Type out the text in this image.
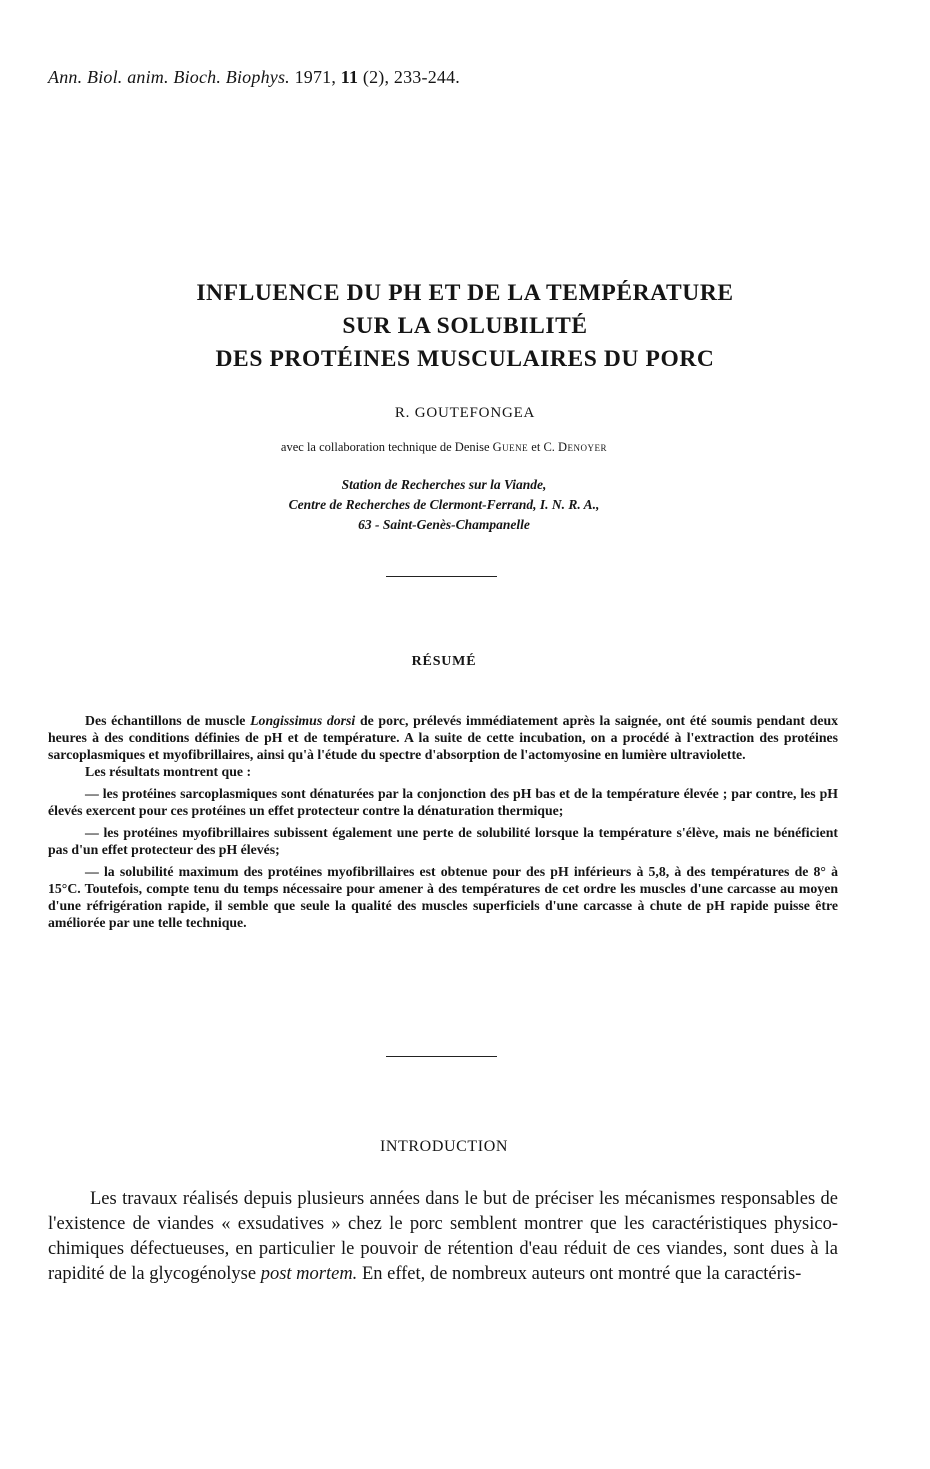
Ann. Biol. anim. Bioch. Biophys. 1971, 11 (2), 233-244.
INFLUENCE DU PH ET DE LA TEMPÉRATURE
SUR LA SOLUBILITÉ
DES PROTÉINES MUSCULAIRES DU PORC
R. GOUTEFONGEA
avec la collaboration technique de Denise Guene et C. Denoyer
Station de Recherches sur la Viande,
Centre de Recherches de Clermont-Ferrand, I. N. R. A.,
63 - Saint-Genès-Champanelle
RÉSUMÉ

Des échantillons de muscle Longissimus dorsi de porc, prélevés immédiatement après la saignée, ont été soumis pendant deux heures à des conditions définies de pH et de température. A la suite de cette incubation, on a procédé à l'extraction des protéines sarcoplasmiques et myofibrillaires, ainsi qu'à l'étude du spectre d'absorption de l'actomyosine en lumière ultraviolette.

Les résultats montrent que :

— les protéines sarcoplasmiques sont dénaturées par la conjonction des pH bas et de la température élevée ; par contre, les pH élevés exercent pour ces protéines un effet protecteur contre la dénaturation thermique;

— les protéines myofibrillaires subissent également une perte de solubilité lorsque la température s'élève, mais ne bénéficient pas d'un effet protecteur des pH élevés;

— la solubilité maximum des protéines myofibrillaires est obtenue pour des pH inférieurs à 5,8, à des températures de 8° à 15°C. Toutefois, compte tenu du temps nécessaire pour amener à des températures de cet ordre les muscles d'une carcasse au moyen d'une réfrigération rapide, il semble que seule la qualité des muscles superficiels d'une carcasse à chute de pH rapide puisse être améliorée par une telle technique.

INTRODUCTION

Les travaux réalisés depuis plusieurs années dans le but de préciser les mécanismes responsables de l'existence de viandes « exsudatives » chez le porc semblent montrer que les caractéristiques physico-chimiques défectueuses, en particulier le pouvoir de rétention d'eau réduit de ces viandes, sont dues à la rapidité de la glycogénolyse post mortem. En effet, de nombreux auteurs ont montré que la caractéris-
